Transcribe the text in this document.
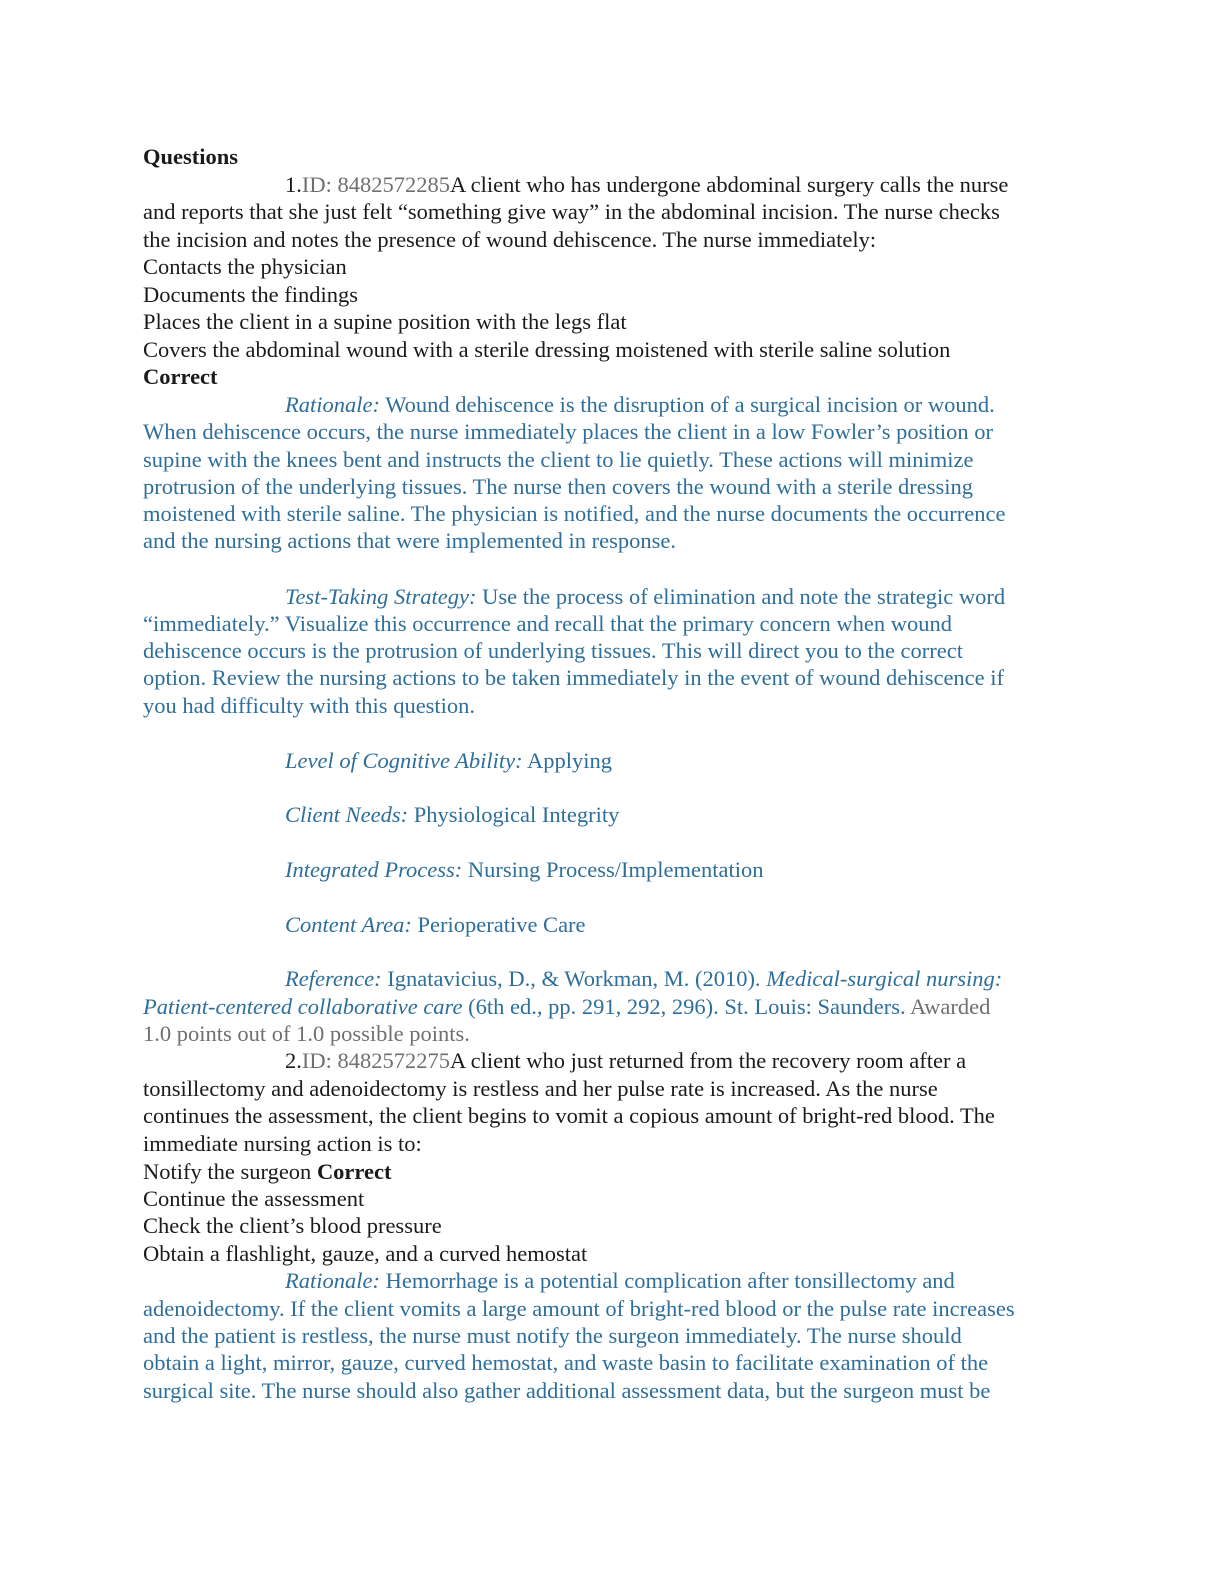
Questions
1.ID: 8482572285A client who has undergone abdominal surgery calls the nurse
and reports that she just felt “something give way” in the abdominal incision. The nurse checks
the incision and notes the presence of wound dehiscence. The nurse immediately:
Contacts the physician
Documents the findings
Places the client in a supine position with the legs flat
Covers the abdominal wound with a sterile dressing moistened with sterile saline solution
Correct
Rationale: Wound dehiscence is the disruption of a surgical incision or wound.
When dehiscence occurs, the nurse immediately places the client in a low Fowler’s position or
supine with the knees bent and instructs the client to lie quietly. These actions will minimize
protrusion of the underlying tissues. The nurse then covers the wound with a sterile dressing
moistened with sterile saline. The physician is notified, and the nurse documents the occurrence
and the nursing actions that were implemented in response.
Test-Taking Strategy: Use the process of elimination and note the strategic word
“immediately.” Visualize this occurrence and recall that the primary concern when wound
dehiscence occurs is the protrusion of underlying tissues. This will direct you to the correct
option. Review the nursing actions to be taken immediately in the event of wound dehiscence if
you had difficulty with this question.
Level of Cognitive Ability: Applying
Client Needs: Physiological Integrity
Integrated Process: Nursing Process/Implementation
Content Area: Perioperative Care
Reference: Ignatavicius, D., & Workman, M. (2010). Medical-surgical nursing:
Patient-centered collaborative care (6th ed., pp. 291, 292, 296). St. Louis: Saunders. Awarded
1.0 points out of 1.0 possible points.
2.ID: 8482572275A client who just returned from the recovery room after a
tonsillectomy and adenoidectomy is restless and her pulse rate is increased. As the nurse
continues the assessment, the client begins to vomit a copious amount of bright-red blood. The
immediate nursing action is to:
Notify the surgeon Correct
Continue the assessment
Check the client’s blood pressure
Obtain a flashlight, gauze, and a curved hemostat
Rationale: Hemorrhage is a potential complication after tonsillectomy and
adenoidectomy. If the client vomits a large amount of bright-red blood or the pulse rate increases
and the patient is restless, the nurse must notify the surgeon immediately. The nurse should
obtain a light, mirror, gauze, curved hemostat, and waste basin to facilitate examination of the
surgical site. The nurse should also gather additional assessment data, but the surgeon must be
